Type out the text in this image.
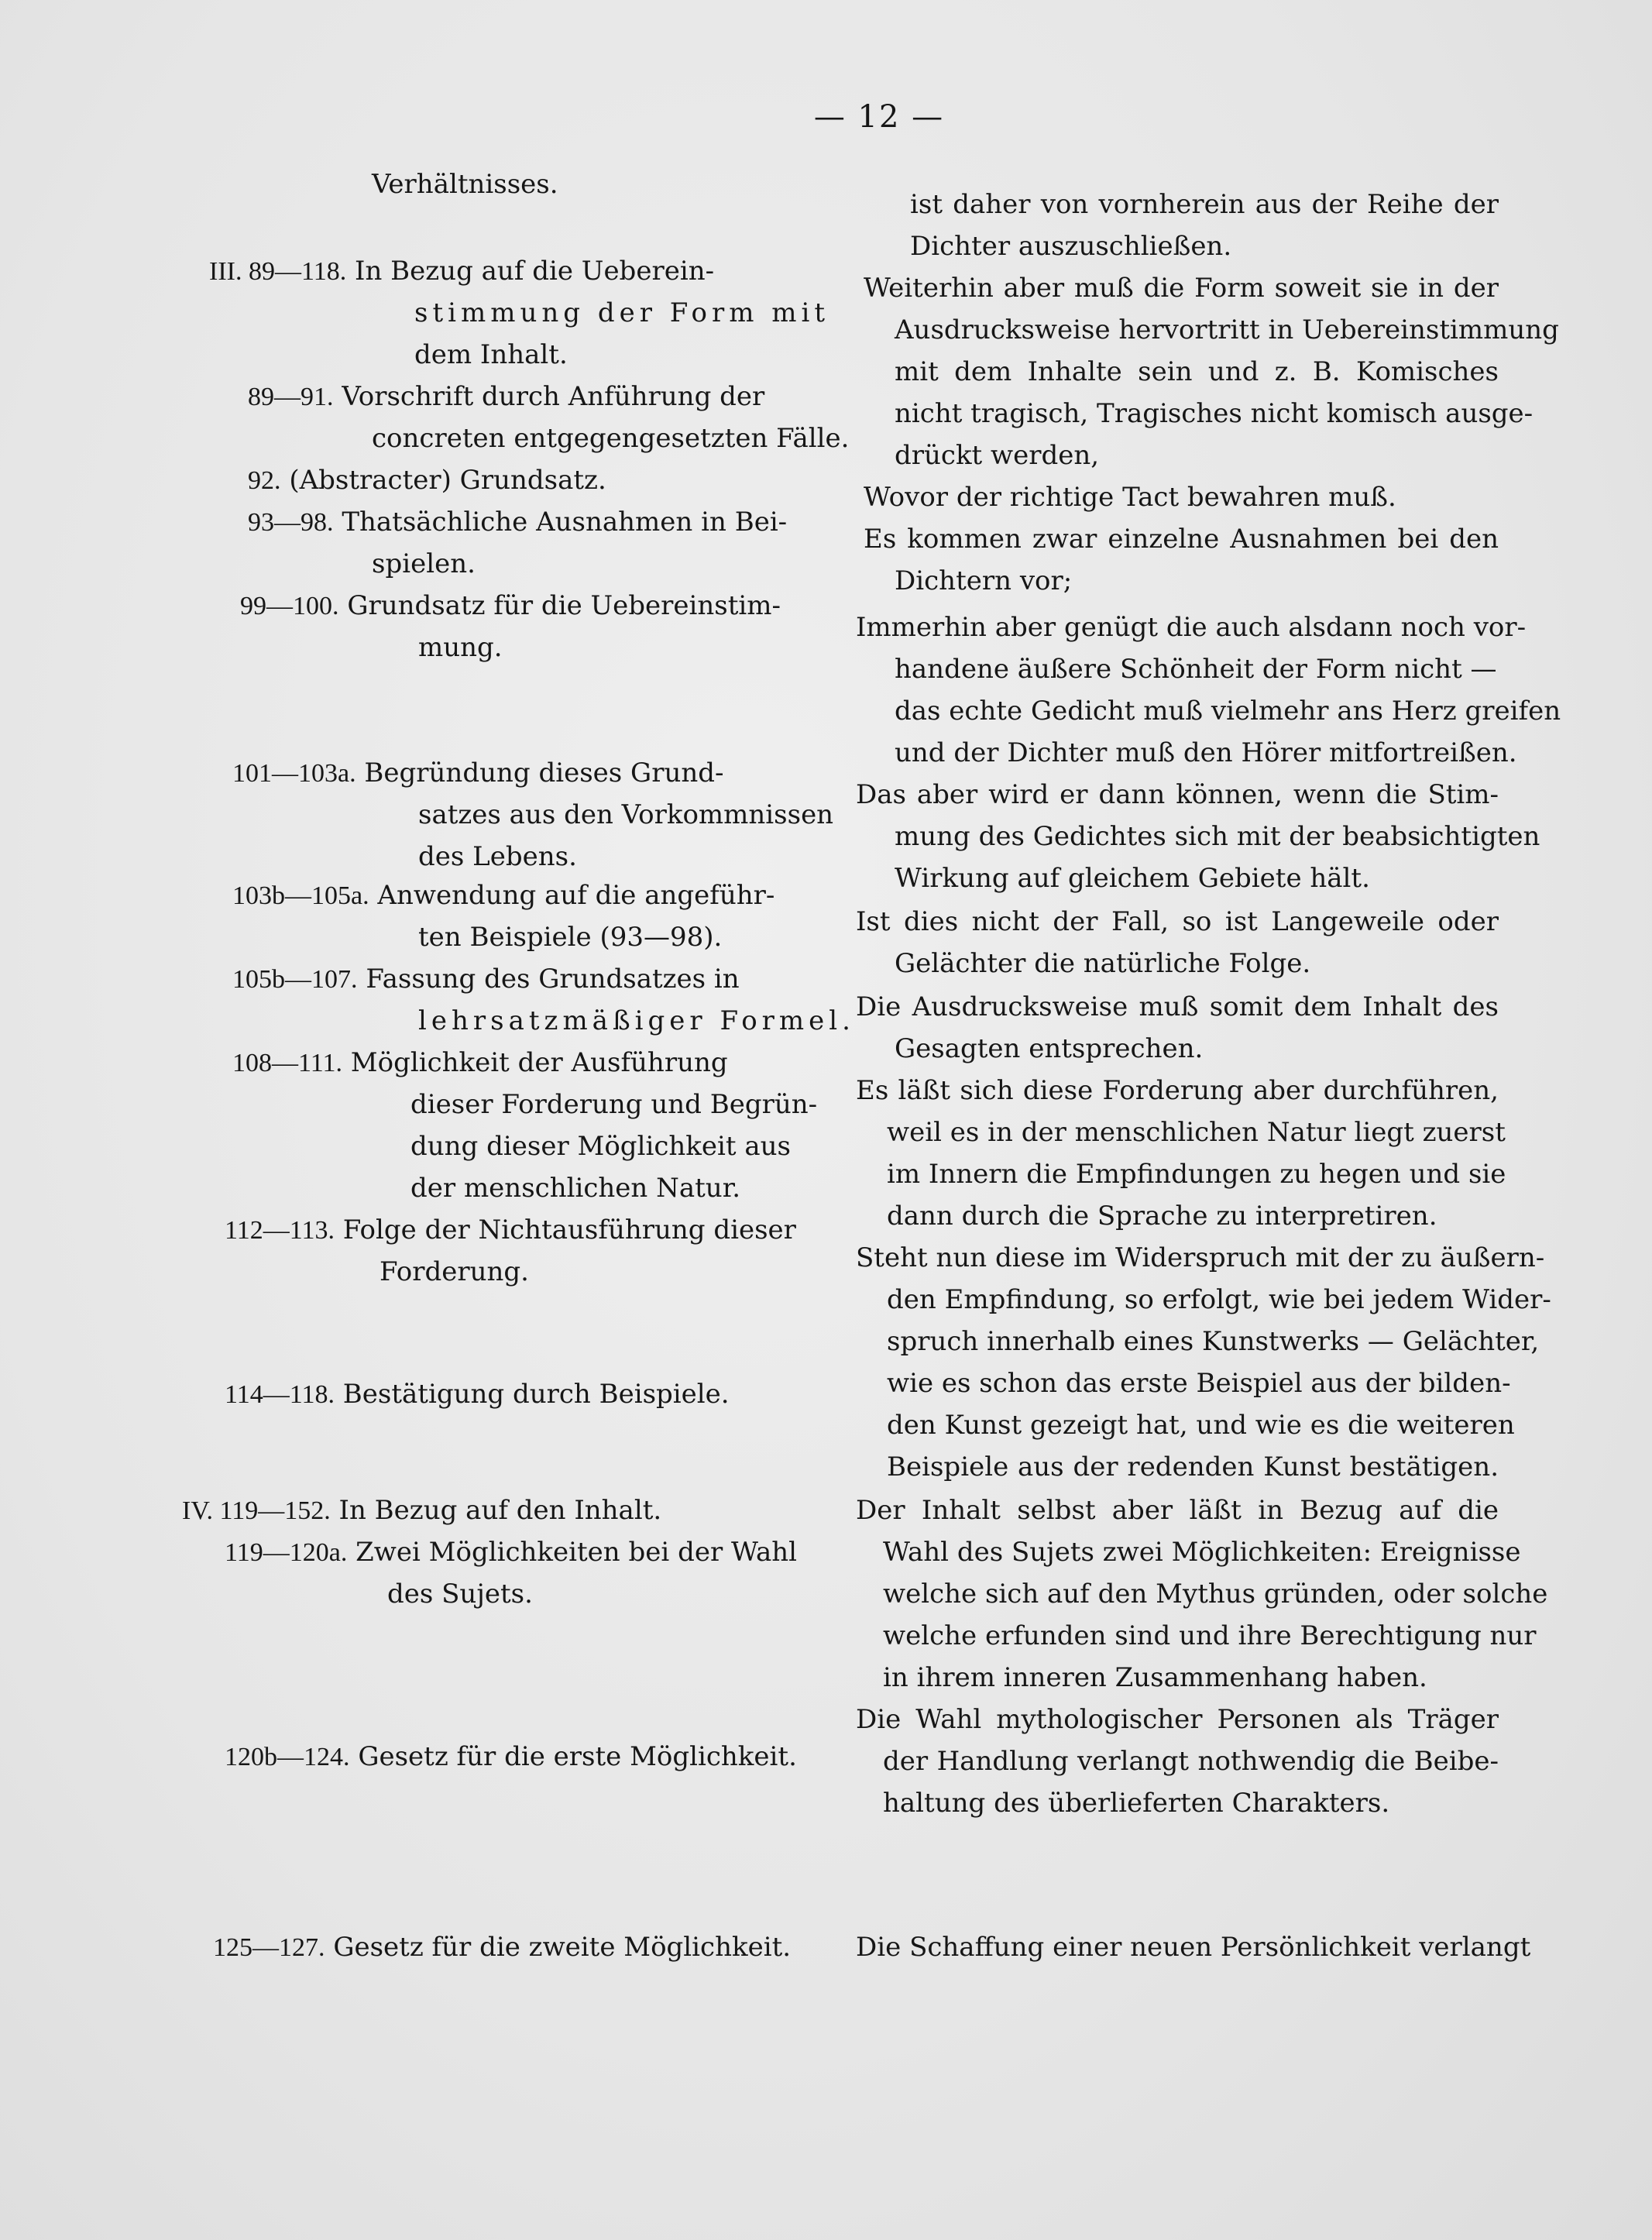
— 12 —
Verhältnisses.
III. 89—118. In Bezug auf die Ueberein-
stimmung der Form mit
dem Inhalt.
89—91. Vorschrift durch Anführung der
concreten entgegengesetzten Fälle.
92. (Abstracter) Grundsatz.
93—98. Thatsächliche Ausnahmen in Bei-
spielen.
99—100. Grundsatz für die Uebereinstim-
mung.
101—103a. Begründung dieses Grund-
satzes aus den Vorkommnissen
des Lebens.
103b—105a. Anwendung auf die angeführ-
ten Beispiele (93—98).
105b—107. Fassung des Grundsatzes in
lehrsatzmäßiger Formel.
108—111. Möglichkeit der Ausführung
dieser Forderung und Begrün-
dung dieser Möglichkeit aus
der menschlichen Natur.
112—113. Folge der Nichtausführung dieser
Forderung.
114—118. Bestätigung durch Beispiele.
IV. 119—152. In Bezug auf den Inhalt.
119—120a. Zwei Möglichkeiten bei der Wahl
des Sujets.
120b—124. Gesetz für die erste Möglichkeit.
125—127. Gesetz für die zweite Möglichkeit.
ist daher von vornherein aus der Reihe der
Dichter auszuschließen.
Weiterhin aber muß die Form soweit sie in der
Ausdrucksweise hervortritt in Uebereinstimmung
mit dem Inhalte sein und z. B. Komisches
nicht tragisch, Tragisches nicht komisch ausge-
drückt werden,
Wovor der richtige Tact bewahren muß.
Es kommen zwar einzelne Ausnahmen bei den
Dichtern vor;
Immerhin aber genügt die auch alsdann noch vor-
handene äußere Schönheit der Form nicht —
das echte Gedicht muß vielmehr ans Herz greifen
und der Dichter muß den Hörer mitfortreißen.
Das aber wird er dann können, wenn die Stim-
mung des Gedichtes sich mit der beabsichtigten
Wirkung auf gleichem Gebiete hält.
Ist dies nicht der Fall, so ist Langeweile oder
Gelächter die natürliche Folge.
Die Ausdrucksweise muß somit dem Inhalt des
Gesagten entsprechen.
Es läßt sich diese Forderung aber durchführen,
weil es in der menschlichen Natur liegt zuerst
im Innern die Empfindungen zu hegen und sie
dann durch die Sprache zu interpretiren.
Steht nun diese im Widerspruch mit der zu äußern-
den Empfindung, so erfolgt, wie bei jedem Wider-
spruch innerhalb eines Kunstwerks — Gelächter,
wie es schon das erste Beispiel aus der bilden-
den Kunst gezeigt hat, und wie es die weiteren
Beispiele aus der redenden Kunst bestätigen.
Der Inhalt selbst aber läßt in Bezug auf die
Wahl des Sujets zwei Möglichkeiten: Ereignisse
welche sich auf den Mythus gründen, oder solche
welche erfunden sind und ihre Berechtigung nur
in ihrem inneren Zusammenhang haben.
Die Wahl mythologischer Personen als Träger
der Handlung verlangt nothwendig die Beibe-
haltung des überlieferten Charakters.
Die Schaffung einer neuen Persönlichkeit verlangt
